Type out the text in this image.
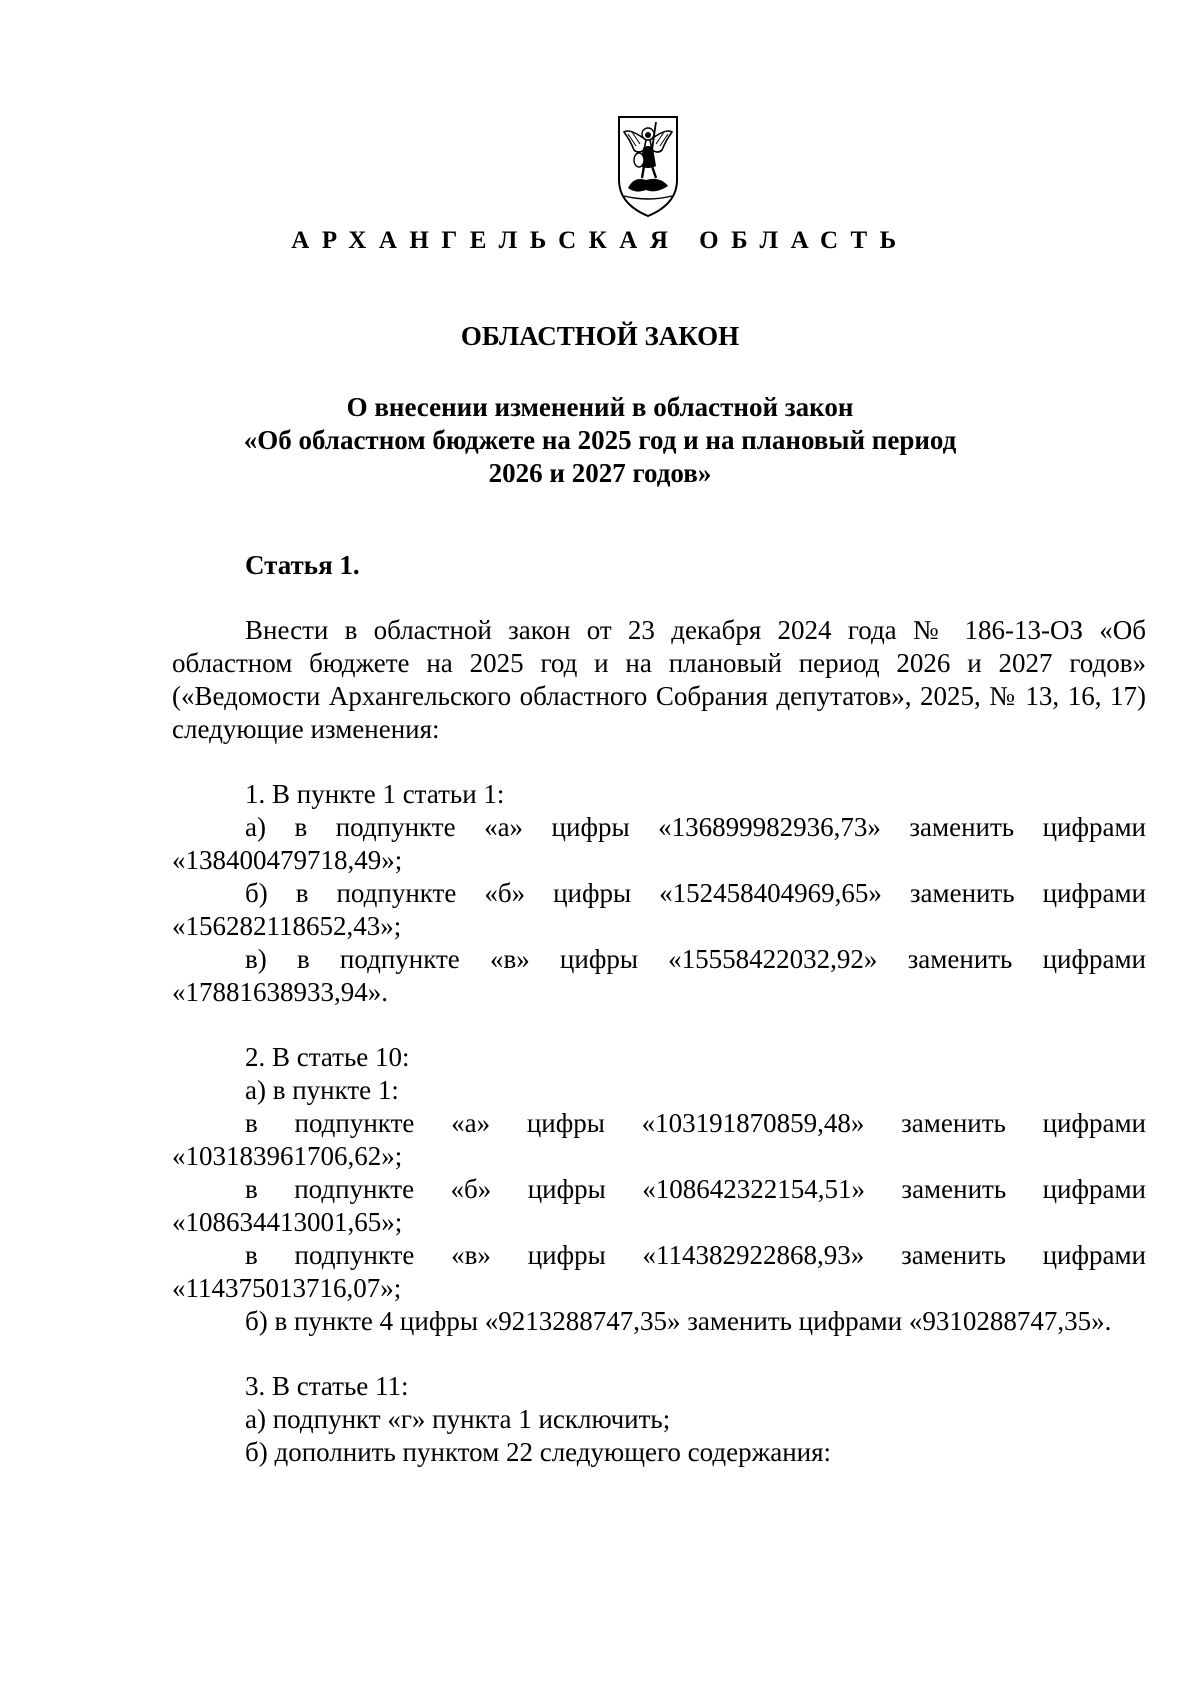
АРХАНГЕЛЬСКАЯ ОБЛАСТЬ
ОБЛАСТНОЙ ЗАКОН
О внесении изменений в областной закон
«Об областном бюджете на 2025 год и на плановый период
2026 и 2027 годов»
Статья 1.
Внести в областной закон от 23 декабря 2024 года № 186-13-ОЗ «Об областном бюджете на 2025 год и на плановый период 2026 и 2027 годов» («Ведомости Архангельского областного Собрания депутатов», 2025, № 13, 16, 17) следующие изменения:
1. В пункте 1 статьи 1:
а) в подпункте «а» цифры «136899982936,73» заменить цифрами «138400479718,49»;
б) в подпункте «б» цифры «152458404969,65» заменить цифрами «156282118652,43»;
в) в подпункте «в» цифры «15558422032,92» заменить цифрами «17881638933,94».
2. В статье 10:
а) в пункте 1:
в подпункте «а» цифры «103191870859,48» заменить цифрами «103183961706,62»;
в подпункте «б» цифры «108642322154,51» заменить цифрами «108634413001,65»;
в подпункте «в» цифры «114382922868,93» заменить цифрами «114375013716,07»;
б) в пункте 4 цифры «9213288747,35» заменить цифрами «9310288747,35».
3. В статье 11:
а) подпункт «г» пункта 1 исключить;
б) дополнить пунктом 22 следующего содержания:
